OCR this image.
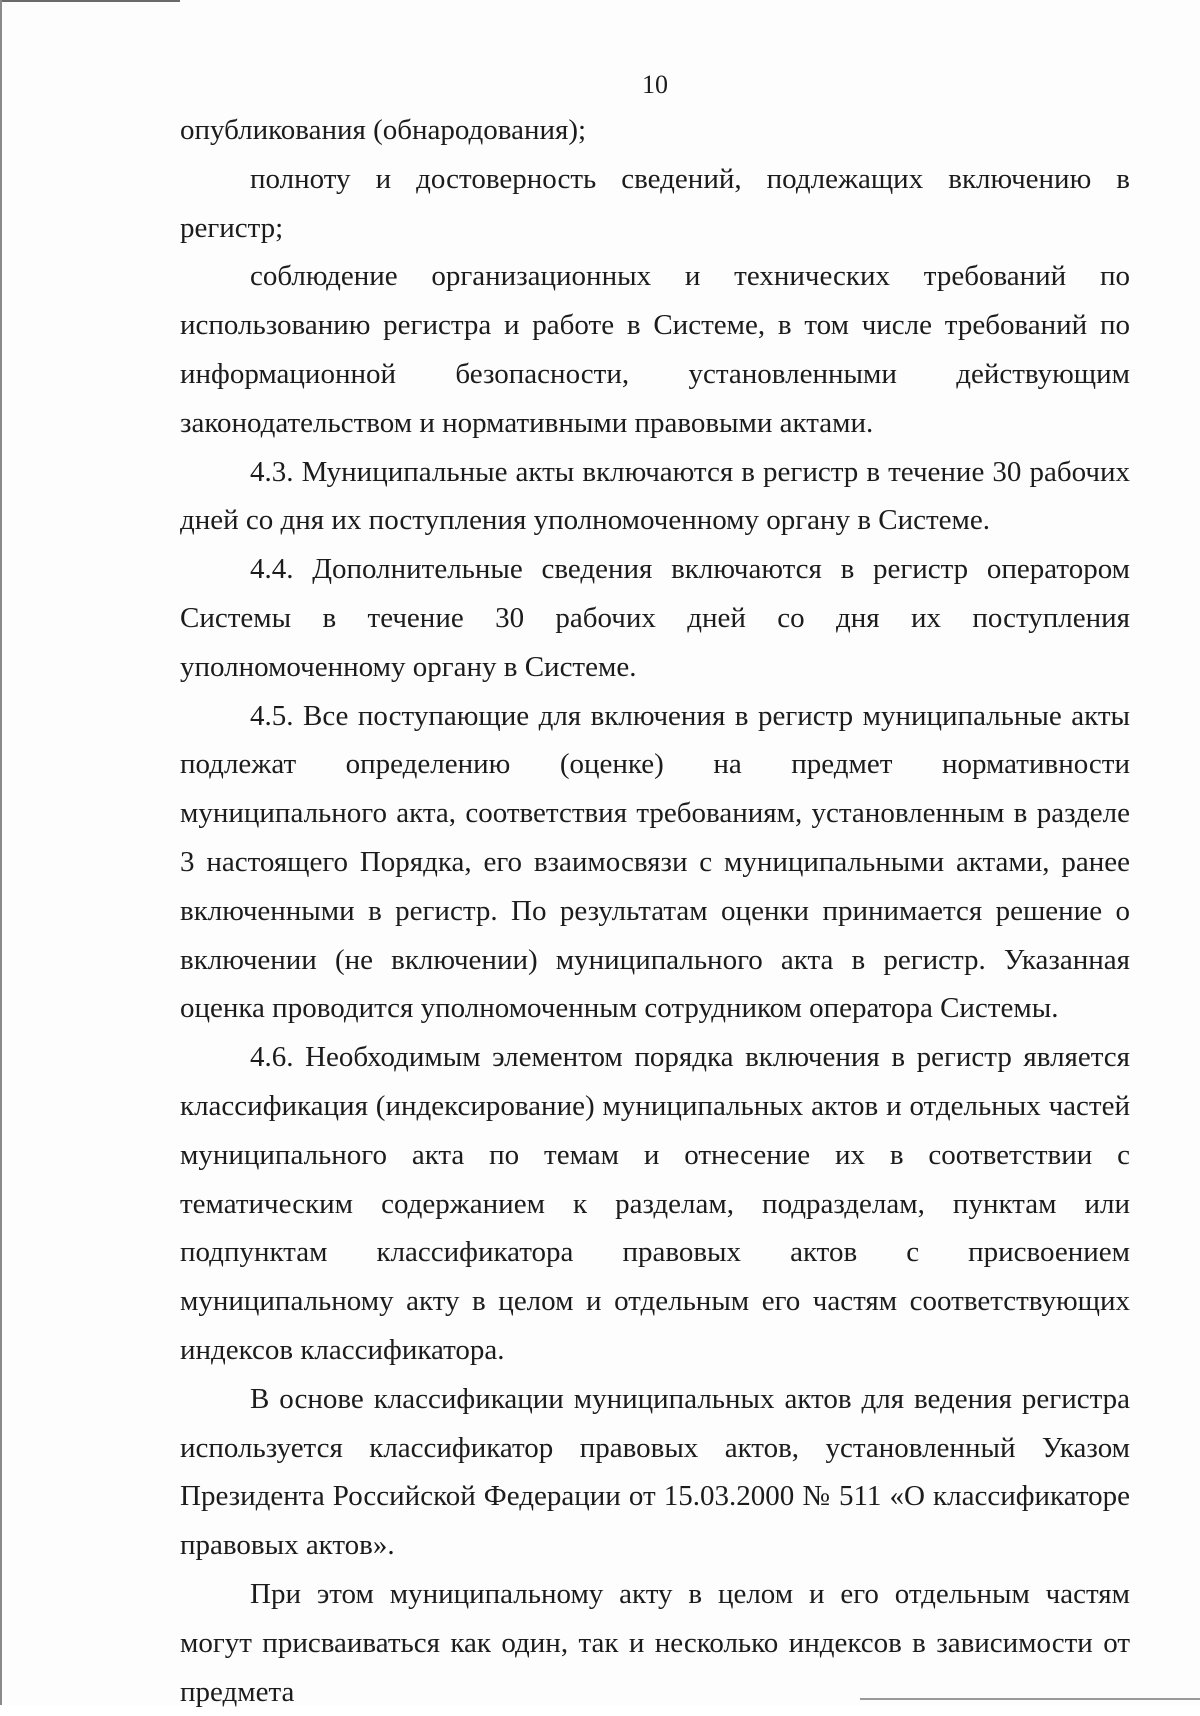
10

опубликования (обнародования);

полноту и достоверность сведений, подлежащих включению в регистр;

соблюдение организационных и технических требований по использованию регистра и работе в Системе, в том числе требований по информационной безопасности, установленными действующим законодательством и нормативными правовыми актами.

4.3. Муниципальные акты включаются в регистр в течение 30 рабочих дней со дня их поступления уполномоченному органу в Системе.

4.4. Дополнительные сведения включаются в регистр оператором Системы в течение 30 рабочих дней со дня их поступления уполномоченному органу в Системе.

4.5. Все поступающие для включения в регистр муниципальные акты подлежат определению (оценке) на предмет нормативности муниципального акта, соответствия требованиям, установленным в разделе 3 настоящего Порядка, его взаимосвязи с муниципальными актами, ранее включенными в регистр. По результатам оценки принимается решение о включении (не включении) муниципального акта в регистр. Указанная оценка проводится уполномоченным сотрудником оператора Системы.

4.6. Необходимым элементом порядка включения в регистр является классификация (индексирование) муниципальных актов и отдельных частей муниципального акта по темам и отнесение их в соответствии с тематическим содержанием к разделам, подразделам, пунктам или подпунктам классификатора правовых актов с присвоением муниципальному акту в целом и отдельным его частям соответствующих индексов классификатора.

В основе классификации муниципальных актов для ведения регистра используется классификатор правовых актов, установленный Указом Президента Российской Федерации от 15.03.2000 № 511 «О классификаторе правовых актов».

При этом муниципальному акту в целом и его отдельным частям могут присваиваться как один, так и несколько индексов в зависимости от предмета
